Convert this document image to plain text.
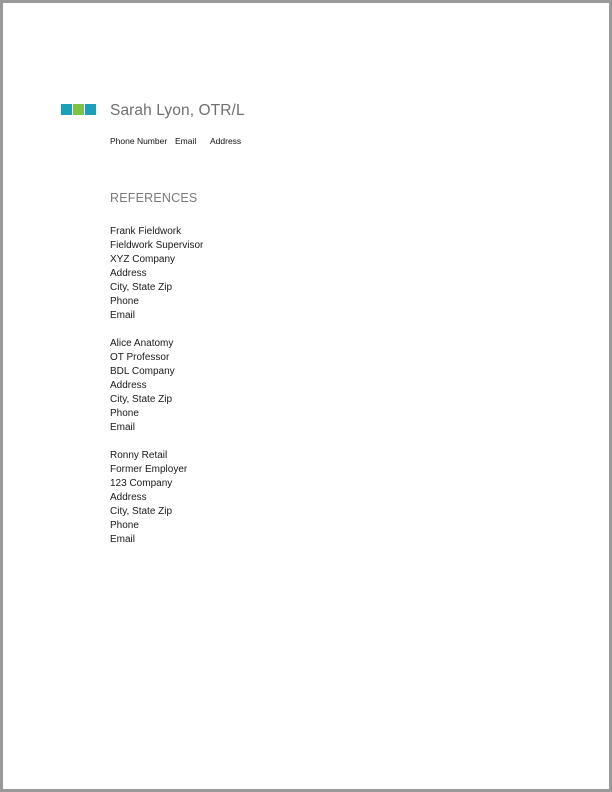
Sarah Lyon, OTR/L
Phone Number Email Address
REFERENCES
Frank Fieldwork
Fieldwork Supervisor
XYZ Company
Address
City, State Zip
Phone
Email
Alice Anatomy
OT Professor
BDL Company
Address
City, State Zip
Phone
Email
Ronny Retail
Former Employer
123 Company
Address
City, State Zip
Phone
Email
